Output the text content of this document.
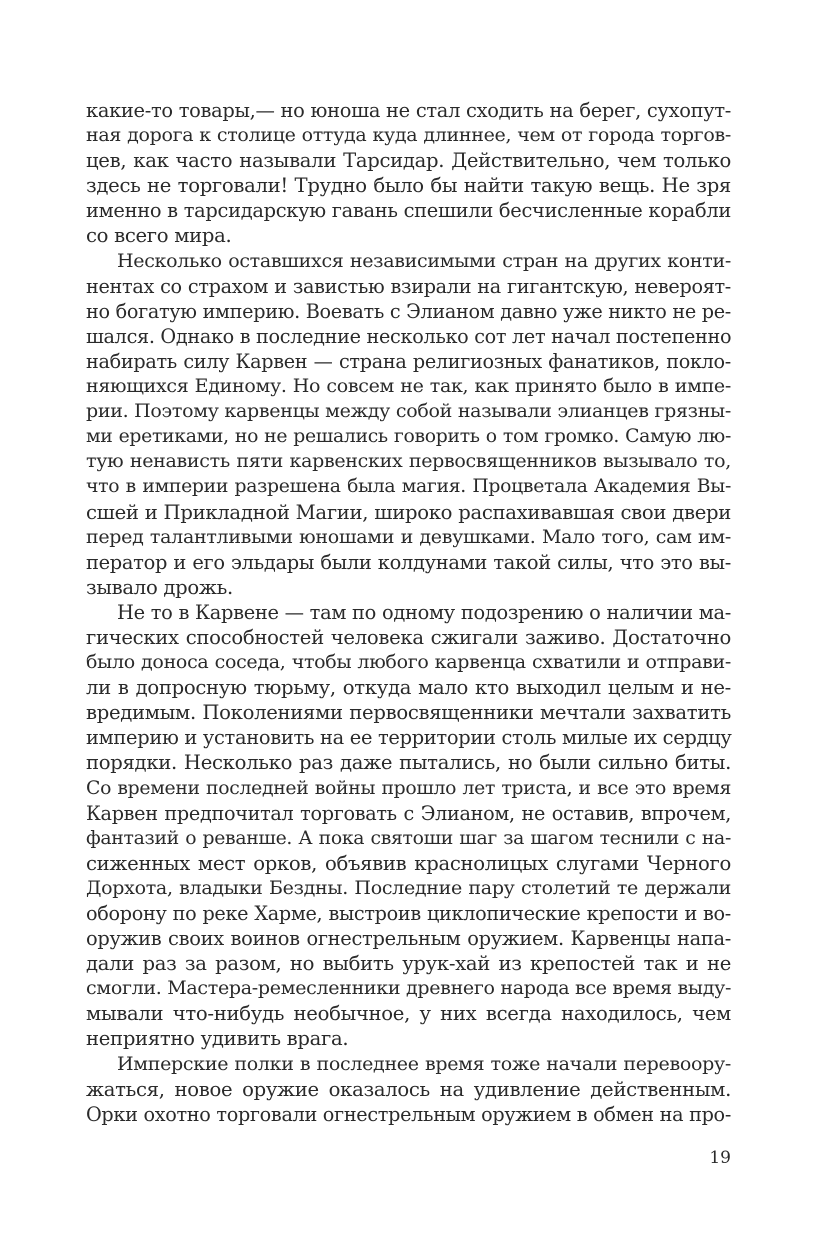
какие-то товары,— но юноша не стал сходить на берег, сухопут-
ная дорога к столице оттуда куда длиннее, чем от города торгов-
цев, как часто называли Тарсидар. Действительно, чем только
здесь не торговали! Трудно было бы найти такую вещь. Не зря
именно в тарсидарскую гавань спешили бесчисленные корабли
со всего мира.
Несколько оставшихся независимыми стран на других конти-
нентах со страхом и завистью взирали на гигантскую, невероят-
но богатую империю. Воевать с Элианом давно уже никто не ре-
шался. Однако в последние несколько сот лет начал постепенно
набирать силу Карвен — страна религиозных фанатиков, покло-
няющихся Единому. Но совсем не так, как принято было в импе-
рии. Поэтому карвенцы между собой называли элианцев грязны-
ми еретиками, но не решались говорить о том громко. Самую лю-
тую ненависть пяти карвенских первосвященников вызывало то,
что в империи разрешена была магия. Процветала Академия Вы-
сшей и Прикладной Магии, широко распахивавшая свои двери
перед талантливыми юношами и девушками. Мало того, сам им-
ператор и его эльдары были колдунами такой силы, что это вы-
зывало дрожь.
Не то в Карвене — там по одному подозрению о наличии ма-
гических способностей человека сжигали заживо. Достаточно
было доноса соседа, чтобы любого карвенца схватили и отправи-
ли в допросную тюрьму, откуда мало кто выходил целым и не-
вредимым. Поколениями первосвященники мечтали захватить
империю и установить на ее территории столь милые их сердцу
порядки. Несколько раз даже пытались, но были сильно биты.
Со времени последней войны прошло лет триста, и все это время
Карвен предпочитал торговать с Элианом, не оставив, впрочем,
фантазий о реванше. А пока святоши шаг за шагом теснили с на-
сиженных мест орков, объявив краснолицых слугами Черного
Дорхота, владыки Бездны. Последние пару столетий те держали
оборону по реке Харме, выстроив циклопические крепости и во-
оружив своих воинов огнестрельным оружием. Карвенцы напа-
дали раз за разом, но выбить урук-хай из крепостей так и не
смогли. Мастера-ремесленники древнего народа все время выду-
мывали что-нибудь необычное, у них всегда находилось, чем
неприятно удивить врага.
Имперские полки в последнее время тоже начали перевоору-
жаться, новое оружие оказалось на удивление действенным.
Орки охотно торговали огнестрельным оружием в обмен на про-
19
